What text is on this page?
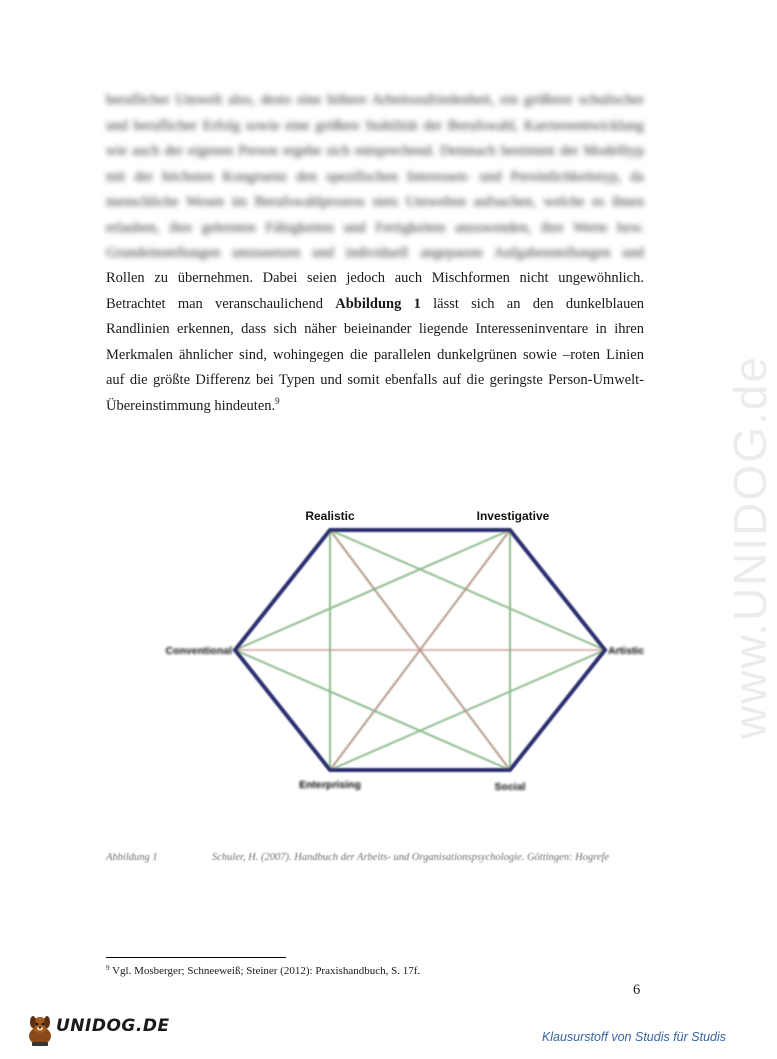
www.UNIDOG.de
beruflicher Umwelt also, desto eine höhere Arbeitszufriedenheit, ein größerer schulischer
und beruflicher Erfolg sowie eine größere Stabilität der Berufswahl, Karriereentwicklung
wie auch der eigenen Person ergebe sich entsprechend. Demnach bestimmt der Modelltyp
mit der höchsten Kongruenz den spezifischen Interessen- und Persönlichkeitstyp, da
menschliche Wesen im Berufswahlprozess stets Umwelten aufsuchen, welche es ihnen
erlauben, ihre gelernten Fähigkeiten und Fertigkeiten anzuwenden, ihre Werte bzw.
Grundeinstellungen umzusetzen und individuell angepasste Aufgabenstellungen und
Rollen zu übernehmen. Dabei seien jedoch auch Mischformen nicht ungewöhnlich.
Betrachtet man veranschaulichend Abbildung 1 lässt sich an den dunkelblauen
Randlinien erkennen, dass sich näher beieinander liegende Interesseninventare in ihren
Merkmalen ähnlicher sind, wohingegen die parallelen dunkelgrünen sowie –roten Linien
auf die größte Differenz bei Typen und somit ebenfalls auf die geringste Person-Umwelt-
Übereinstimmung hindeuten.$^9$
Realistic	Investigative
Conventional	Artistic
Enterprising	Social
Abbildung 1	Schuler, H. (2007). Handbuch der Arbeits- und Organisationspsychologie. Göttingen: Hogrefe
$^9$ Vgl. Mosberger; Schneeweiß; Steiner (2012): Praxishandbuch, S. 17f.
6
UNIDOG.DE
Klausurstoff von Studis für Studis
